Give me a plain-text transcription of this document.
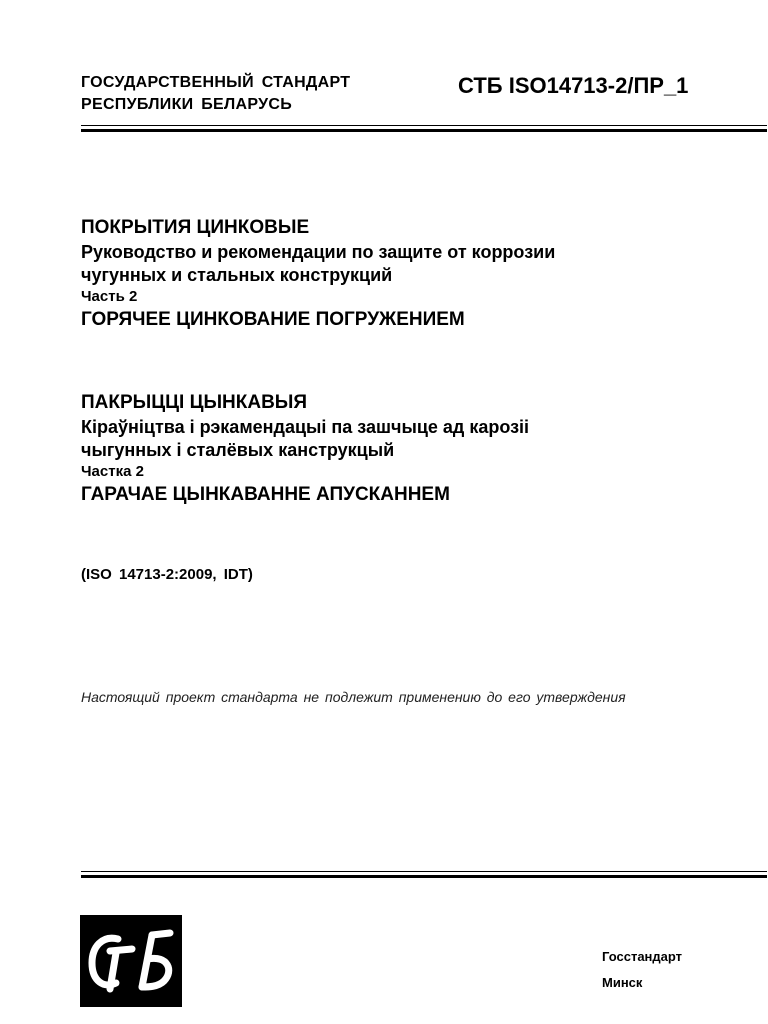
ГОСУДАРСТВЕННЫЙ СТАНДАРТ
РЕСПУБЛИКИ БЕЛАРУСЬ
СТБ ISO14713-2/ПР_1
ПОКРЫТИЯ ЦИНКОВЫЕ
Руководство и рекомендации по защите от коррозии
чугунных и стальных конструкций
Часть 2
ГОРЯЧЕЕ ЦИНКОВАНИЕ ПОГРУЖЕНИЕМ
ПАКРЫЦЦІ ЦЫНКАВЫЯ
Кіраўніцтва і рэкамендацыі па зашчыце ад карозіі
чыгунных і сталёвых канструкцый
Частка 2
ГАРАЧАЕ ЦЫНКАВАННЕ АПУСКАННЕМ
(ISO 14713-2:2009, IDT)
Настоящий проект стандарта не подлежит применению до его утверждения
Госстандарт
Минск
